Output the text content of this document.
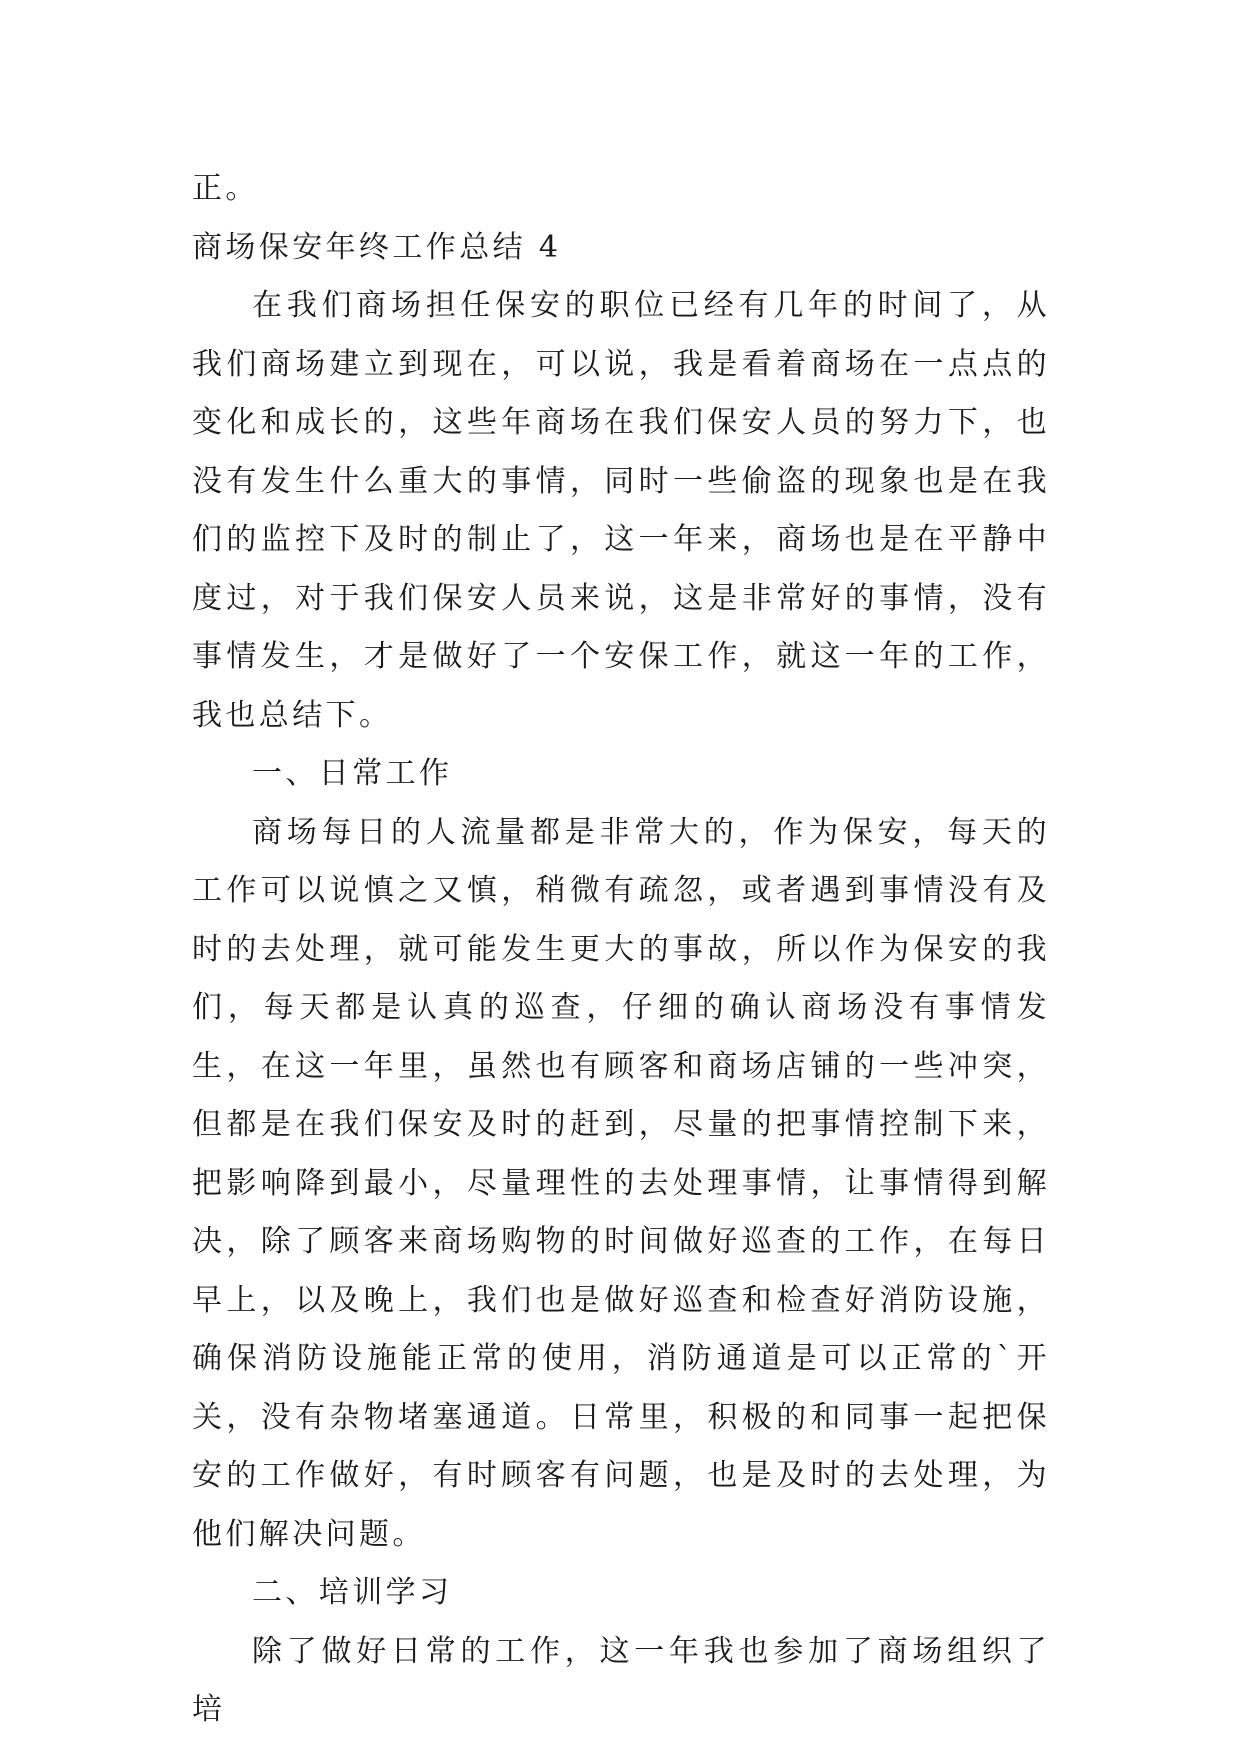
正。

商场保安年终工作总结 4

在我们商场担任保安的职位已经有几年的时间了，从我们商场建立到现在，可以说，我是看着商场在一点点的变化和成长的，这些年商场在我们保安人员的努力下，也没有发生什么重大的事情，同时一些偷盗的现象也是在我们的监控下及时的制止了，这一年来，商场也是在平静中度过，对于我们保安人员来说，这是非常好的事情，没有事情发生，才是做好了一个安保工作，就这一年的工作，我也总结下。

一、日常工作

商场每日的人流量都是非常大的，作为保安，每天的工作可以说慎之又慎，稍微有疏忽，或者遇到事情没有及时的去处理，就可能发生更大的事故，所以作为保安的我们，每天都是认真的巡查，仔细的确认商场没有事情发生，在这一年里，虽然也有顾客和商场店铺的一些冲突，但都是在我们保安及时的赶到，尽量的把事情控制下来，把影响降到最小，尽量理性的去处理事情，让事情得到解决，除了顾客来商场购物的时间做好巡查的工作，在每日早上，以及晚上，我们也是做好巡查和检查好消防设施，确保消防设施能正常的使用，消防通道是可以正常的`开关，没有杂物堵塞通道。日常里，积极的和同事一起把保安的工作做好，有时顾客有问题，也是及时的去处理，为他们解决问题。

二、培训学习

除了做好日常的工作，这一年我也参加了商场组织了培
